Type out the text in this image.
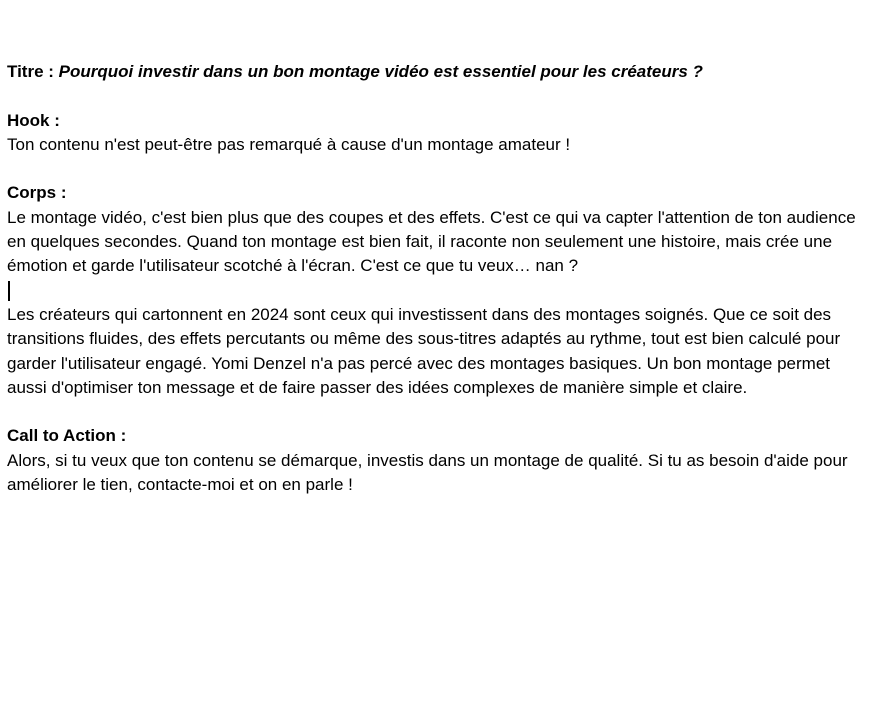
Titre : Pourquoi investir dans un bon montage vidéo est essentiel pour les créateurs ?
Hook :
Ton contenu n'est peut-être pas remarqué à cause d'un montage amateur !
Corps :
Le montage vidéo, c'est bien plus que des coupes et des effets. C'est ce qui va capter l'attention de ton audience en quelques secondes. Quand ton montage est bien fait, il raconte non seulement une histoire, mais crée une émotion et garde l'utilisateur scotché à l'écran. C'est ce que tu veux… nan ?
Les créateurs qui cartonnent en 2024 sont ceux qui investissent dans des montages soignés. Que ce soit des transitions fluides, des effets percutants ou même des sous-titres adaptés au rythme, tout est bien calculé pour garder l'utilisateur engagé. Yomi Denzel n'a pas percé avec des montages basiques. Un bon montage permet aussi d'optimiser ton message et de faire passer des idées complexes de manière simple et claire.
Call to Action :
Alors, si tu veux que ton contenu se démarque, investis dans un montage de qualité. Si tu as besoin d'aide pour améliorer le tien, contacte-moi et on en parle !
